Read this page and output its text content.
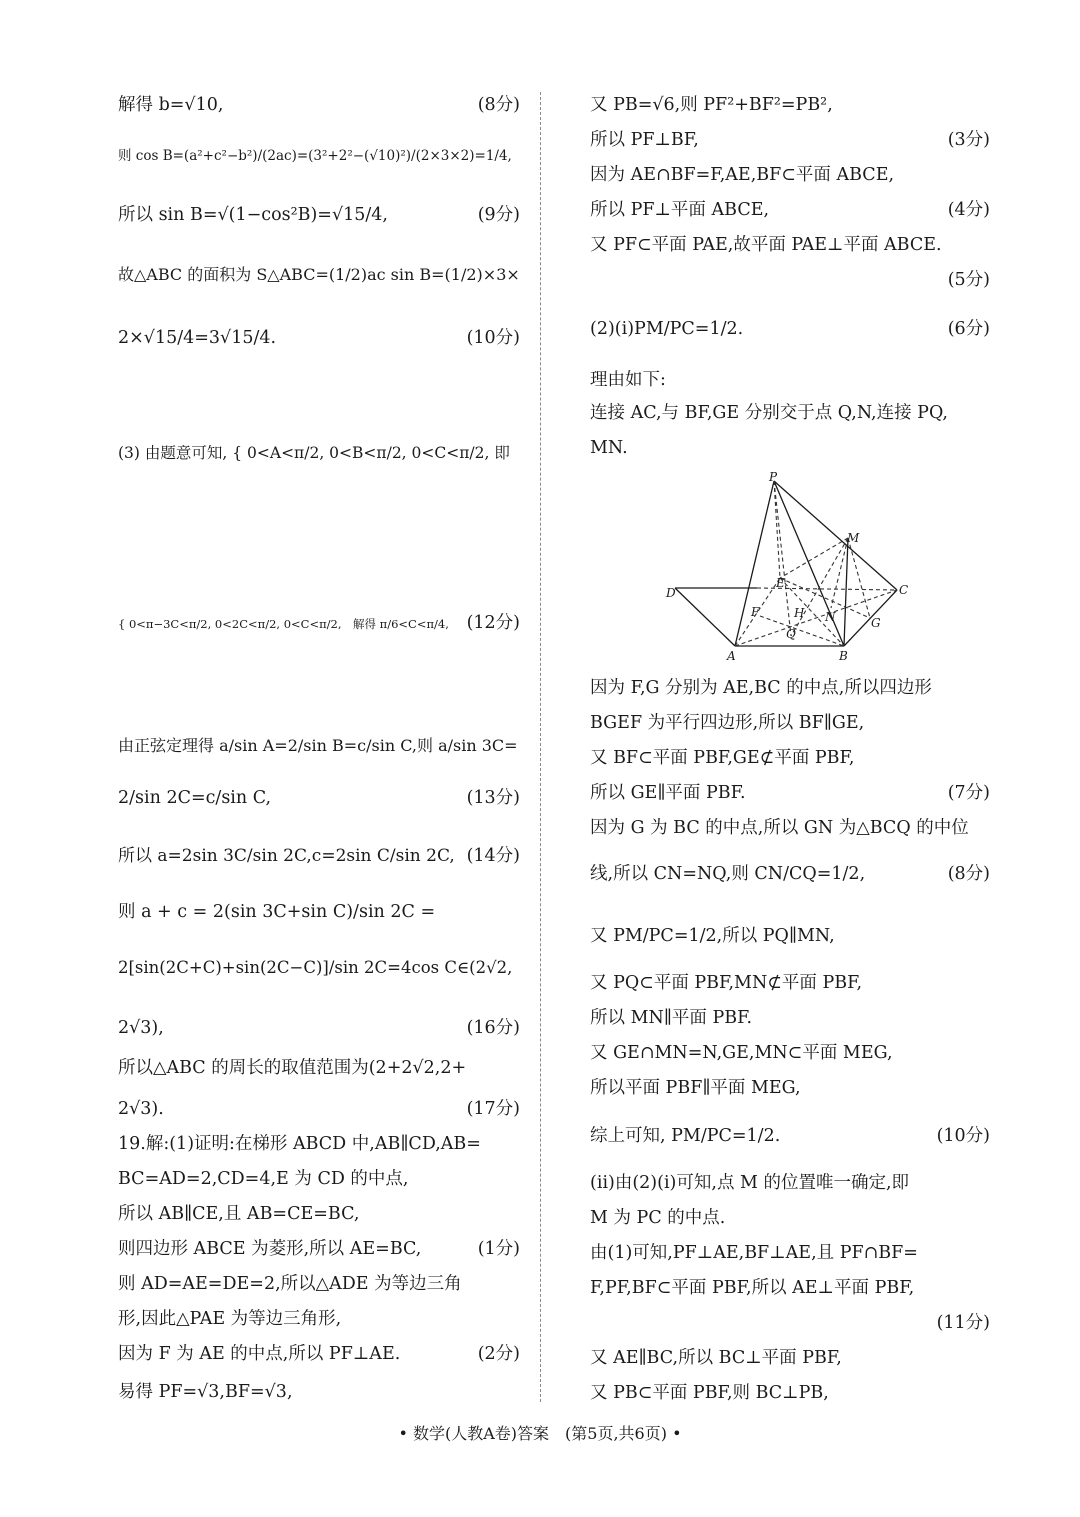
解得 b=√10,	(8分)
则 cos B=(a²+c²−b²)/(2ac)=(3²+2²−(√10)²)/(2×3×2)=1/4,
所以 sin B=√(1−cos²B)=√15/4,	(9分)
故△ABC 的面积为 S△ABC=(1/2)ac sin B=(1/2)×3×
2×√15/4=3√15/4.	(10分)
(3) 由题意可知, { 0<A<π/2, 0<B<π/2, 0<C<π/2, 即
{ 0<π−3C<π/2, 0<2C<π/2, 0<C<π/2,　解得 π/6<C<π/4, (12分)
由正弦定理得 a/sin A=2/sin B=c/sin C,则 a/sin 3C=
2/sin 2C=c/sin C,	(13分)
所以 a=2sin 3C/sin 2C,c=2sin C/sin 2C, (14分)
则 a + c = 2(sin 3C+sin C)/sin 2C =
2[sin(2C+C)+sin(2C−C)]/sin 2C=4cos C∈(2√2,
2√3),	(16分)
所以△ABC 的周长的取值范围为(2+2√2,2+
2√3).	(17分)
19.解:(1)证明:在梯形 ABCD 中,AB∥CD,AB=
BC=AD=2,CD=4,E 为 CD 的中点,
所以 AB∥CE,且 AB=CE=BC,
则四边形 ABCE 为菱形,所以 AE=BC,	(1分)
则 AD=AE=DE=2,所以△ADE 为等边三角
形,因此△PAE 为等边三角形,
因为 F 为 AE 的中点,所以 PF⊥AE.	(2分)
易得 PF=√3,BF=√3,
又 PB=√6,则 PF²+BF²=PB²,
所以 PF⊥BF,	(3分)
因为 AE∩BF=F,AE,BF⊂平面 ABCE,
所以 PF⊥平面 ABCE,	(4分)
又 PF⊂平面 PAE,故平面 PAE⊥平面 ABCE.
(5分)
(2)(ⅰ)PM/PC=1/2.	(6分)
理由如下:
连接 AC,与 BF,GE 分别交于点 Q,N,连接 PQ,
MN.
因为 F,G 分别为 AE,BC 的中点,所以四边形
BGEF 为平行四边形,所以 BF∥GE,
又 BF⊂平面 PBF,GE⊄平面 PBF,
所以 GE∥平面 PBF.	(7分)
因为 G 为 BC 的中点,所以 GN 为△BCQ 的中位
线,所以 CN=NQ,则 CN/CQ=1/2,	(8分)
又 PM/PC=1/2,所以 PQ∥MN,
又 PQ⊂平面 PBF,MN⊄平面 PBF,
所以 MN∥平面 PBF.
又 GE∩MN=N,GE,MN⊂平面 MEG,
所以平面 PBF∥平面 MEG,
综上可知, PM/PC=1/2.	(10分)
(ⅱ)由(2)(ⅰ)可知,点 M 的位置唯一确定,即
M 为 PC 的中点.
由(1)可知,PF⊥AE,BF⊥AE,且 PF∩BF=
F,PF,BF⊂平面 PBF,所以 AE⊥平面 PBF,
(11分)
又 AE∥BC,所以 BC⊥平面 PBF,
又 PB⊂平面 PBF,则 BC⊥PB,
P
M
D
E	C
F	H N	G
Q
A	B
• 数学(人教A卷)答案　(第5页,共6页) •
